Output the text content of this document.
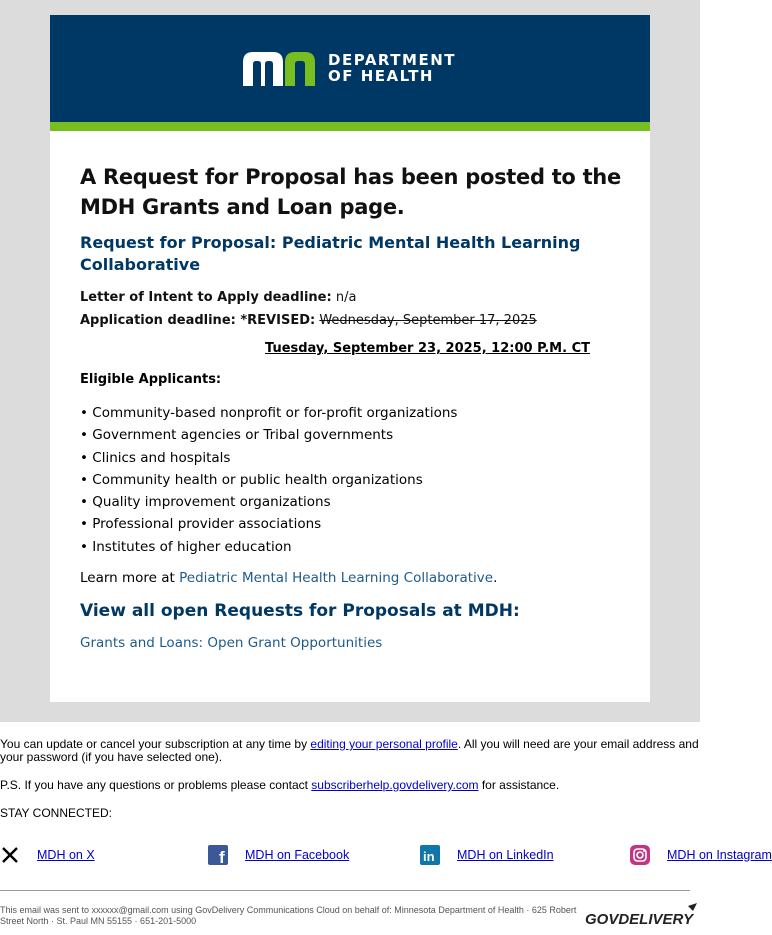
DEPARTMENT
OF HEALTH
A Request for Proposal has been posted to the MDH Grants and Loan page.
Request for Proposal: Pediatric Mental Health Learning Collaborative
Letter of Intent to Apply deadline: n/a
Application deadline: *REVISED: Wednesday, September 17, 2025
Tuesday, September 23, 2025, 12:00 P.M. CT
Eligible Applicants:
• Community-based nonprofit or for-profit organizations
• Government agencies or Tribal governments
• Clinics and hospitals
• Community health or public health organizations
• Quality improvement organizations
• Professional provider associations
• Institutes of higher education
Learn more at Pediatric Mental Health Learning Collaborative.
View all open Requests for Proposals at MDH:
Grants and Loans: Open Grant Opportunities

You can update or cancel your subscription at any time by editing your personal profile. All you will need are your email address and your password (if you have selected one).

P.S. If you have any questions or problems please contact subscriberhelp.govdelivery.com for assistance.

STAY CONNECTED:
MDH on X	f MDH on Facebook	in MDH on LinkedIn	MDH on Instagram
This email was sent to xxxxxx@gmail.com using GovDelivery Communications Cloud on behalf of: Minnesota Department of Health · 625 Robert Street North · St. Paul MN 55155 · 651-201-5000	GOVDELIVERY
